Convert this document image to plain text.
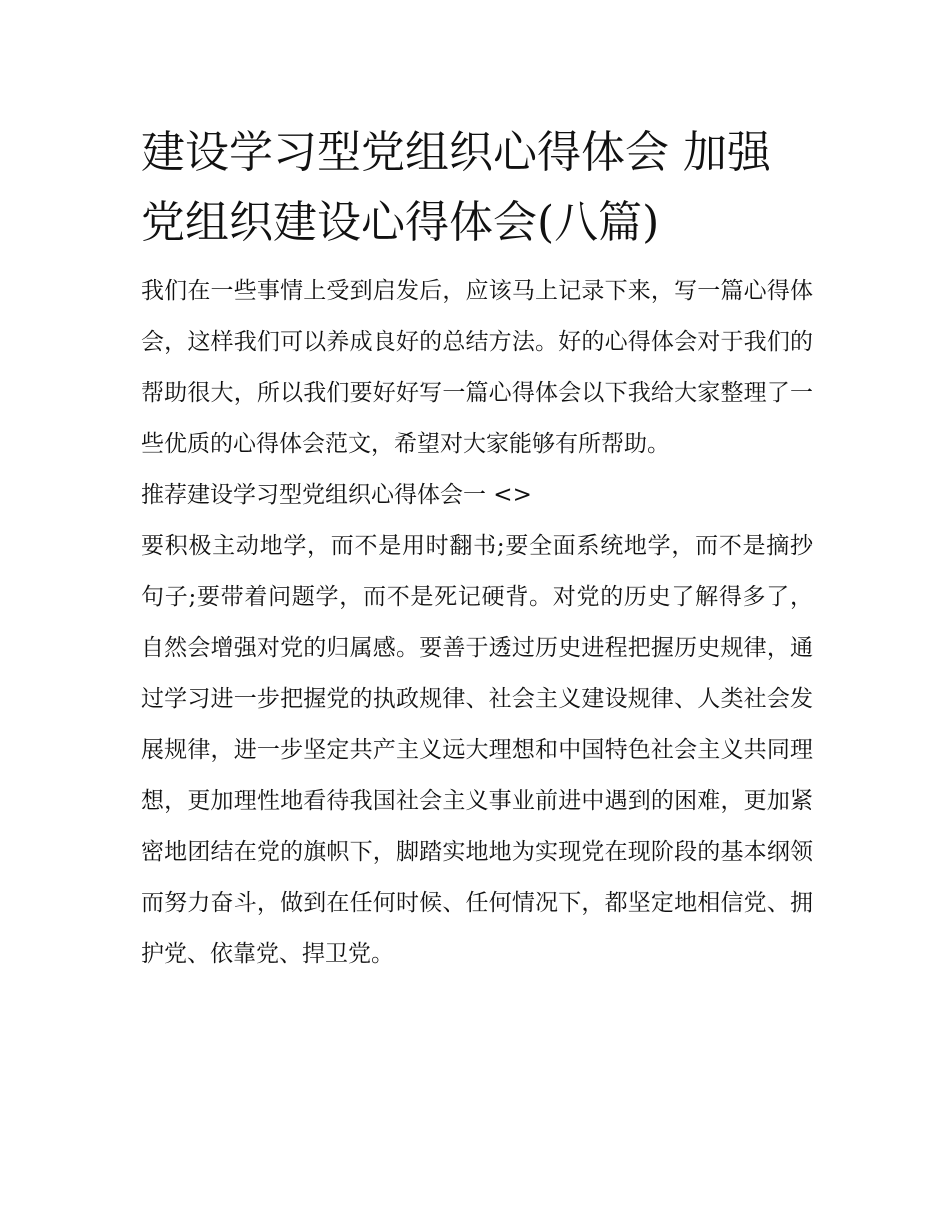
建设学习型党组织心得体会 加强党组织建设心得体会(八篇)

我们在一些事情上受到启发后，应该马上记录下来，写一篇心得体会，这样我们可以养成良好的总结方法。好的心得体会对于我们的帮助很大，所以我们要好好写一篇心得体会以下我给大家整理了一些优质的心得体会范文，希望对大家能够有所帮助。

推荐建设学习型党组织心得体会一 <>

要积极主动地学，而不是用时翻书;要全面系统地学，而不是摘抄句子;要带着问题学，而不是死记硬背。对党的历史了解得多了，自然会增强对党的归属感。要善于透过历史进程把握历史规律，通过学习进一步把握党的执政规律、社会主义建设规律、人类社会发展规律，进一步坚定共产主义远大理想和中国特色社会主义共同理想，更加理性地看待我国社会主义事业前进中遇到的困难，更加紧密地团结在党的旗帜下，脚踏实地地为实现党在现阶段的基本纲领而努力奋斗，做到在任何时候、任何情况下，都坚定地相信党、拥护党、依靠党、捍卫党。
